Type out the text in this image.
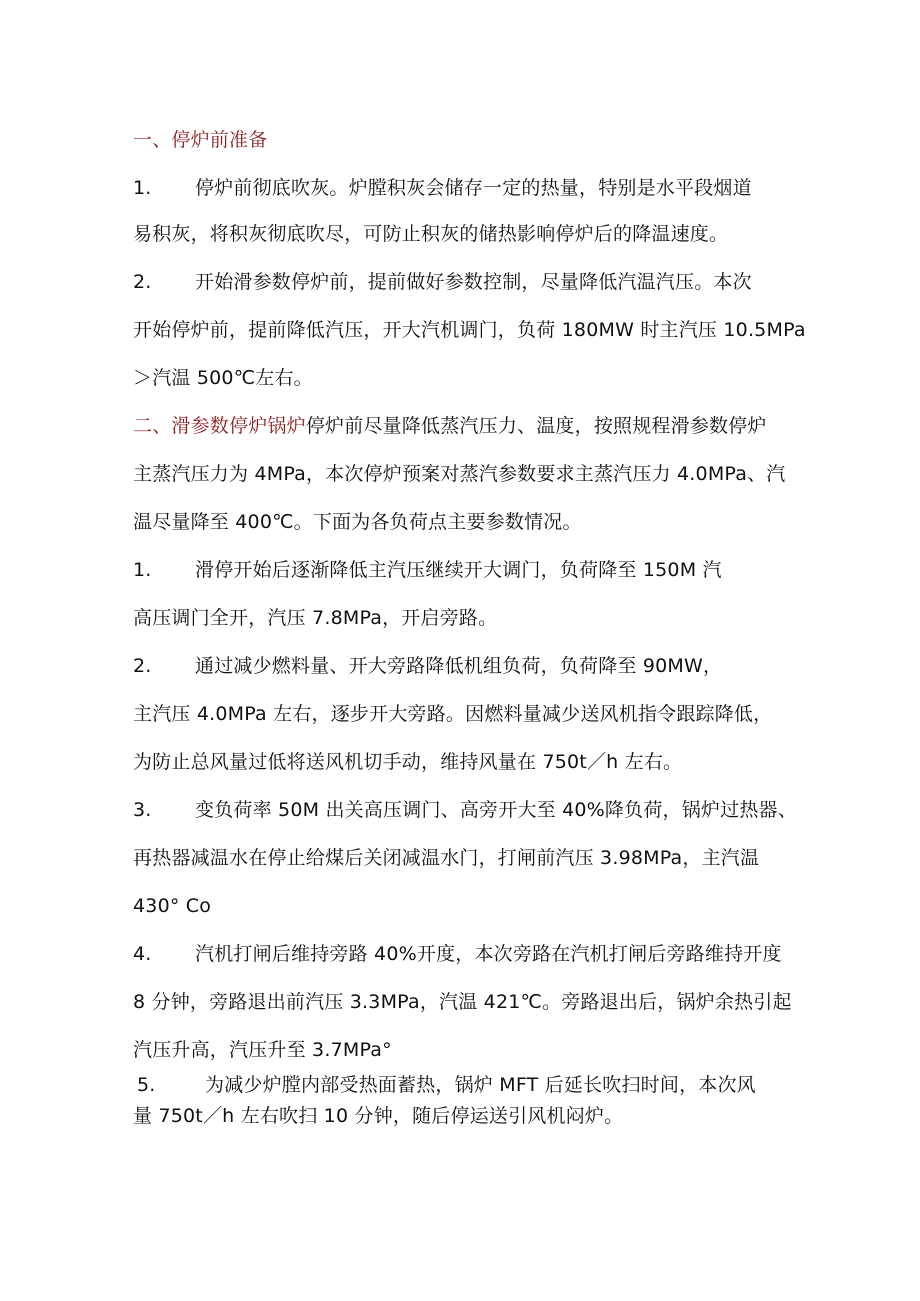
一、停炉前准备
1. 停炉前彻底吹灰。炉膛积灰会储存一定的热量，特别是水平段烟道
易积灰，将积灰彻底吹尽，可防止积灰的储热影响停炉后的降温速度。
2. 开始滑参数停炉前，提前做好参数控制，尽量降低汽温汽压。本次
开始停炉前，提前降低汽压，开大汽机调门，负荷 180MW 时主汽压 10.5MPa
＞汽温 500℃左右。
二、滑参数停炉锅炉停炉前尽量降低蒸汽压力、温度，按照规程滑参数停炉
主蒸汽压力为 4MPa，本次停炉预案对蒸汽参数要求主蒸汽压力 4.0MPa、汽
温尽量降至 400℃。下面为各负荷点主要参数情况。
1. 滑停开始后逐渐降低主汽压继续开大调门，负荷降至 150M 汽
高压调门全开，汽压 7.8MPa，开启旁路。
2. 通过减少燃料量、开大旁路降低机组负荷，负荷降至 90MW，
主汽压 4.0MPa 左右，逐步开大旁路。因燃料量减少送风机指令跟踪降低，
为防止总风量过低将送风机切手动，维持风量在 750t／h 左右。
3. 变负荷率 50M 出关高压调门、高旁开大至 40%降负荷，锅炉过热器、
再热器减温水在停止给煤后关闭减温水门，打闸前汽压 3.98MPa，主汽温
430° Co
4. 汽机打闸后维持旁路 40%开度，本次旁路在汽机打闸后旁路维持开度
8 分钟，旁路退出前汽压 3.3MPa，汽温 421℃。旁路退出后，锅炉余热引起
汽压升高，汽压升至 3.7MPa°
5.	为减少炉膛内部受热面蓄热，锅炉 MFT 后延长吹扫时间，本次风
量 750t／h 左右吹扫 10 分钟，随后停运送引风机闷炉。
